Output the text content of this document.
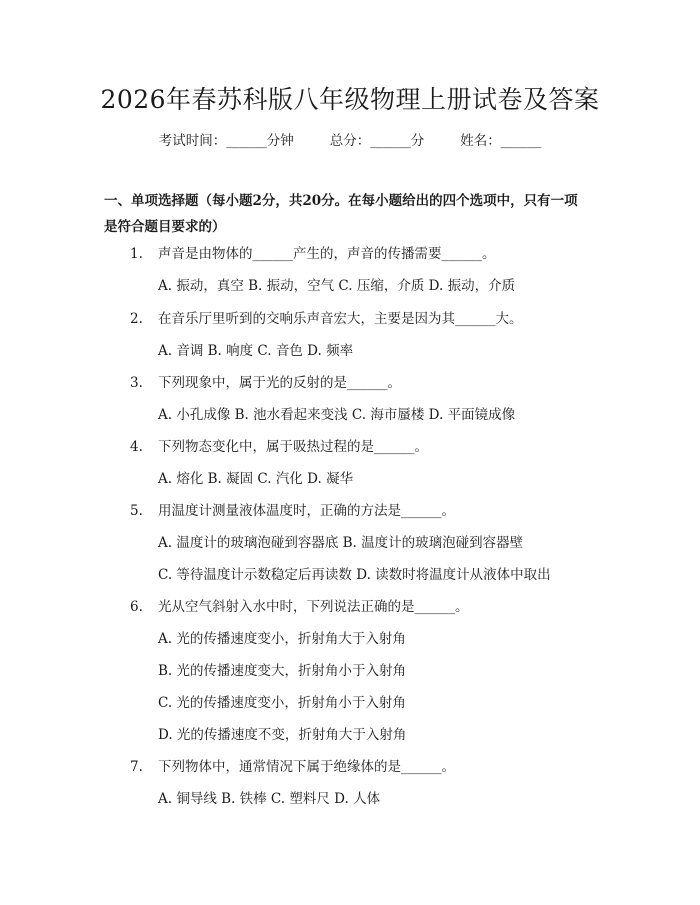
2026年春苏科版八年级物理上册试卷及答案
考试时间：______分钟	总分：______分	姓名：______
一、单项选择题（每小题2分，共20分。在每小题给出的四个选项中，只有一项
是符合题目要求的）
1. 声音是由物体的______产生的，声音的传播需要______。
A. 振动，真空 B. 振动，空气 C. 压缩，介质 D. 振动，介质
2. 在音乐厅里听到的交响乐声音宏大，主要是因为其______大。
A. 音调 B. 响度 C. 音色 D. 频率
3. 下列现象中，属于光的反射的是______。
A. 小孔成像 B. 池水看起来变浅 C. 海市蜃楼 D. 平面镜成像
4. 下列物态变化中，属于吸热过程的是______。
A. 熔化 B. 凝固 C. 汽化 D. 凝华
5. 用温度计测量液体温度时，正确的方法是______。
A. 温度计的玻璃泡碰到容器底 B. 温度计的玻璃泡碰到容器壁
C. 等待温度计示数稳定后再读数 D. 读数时将温度计从液体中取出
6. 光从空气斜射入水中时，下列说法正确的是______。
A. 光的传播速度变小，折射角大于入射角
B. 光的传播速度变大，折射角小于入射角
C. 光的传播速度变小，折射角小于入射角
D. 光的传播速度不变，折射角大于入射角
7. 下列物体中，通常情况下属于绝缘体的是______。
A. 铜导线 B. 铁棒 C. 塑料尺 D. 人体
